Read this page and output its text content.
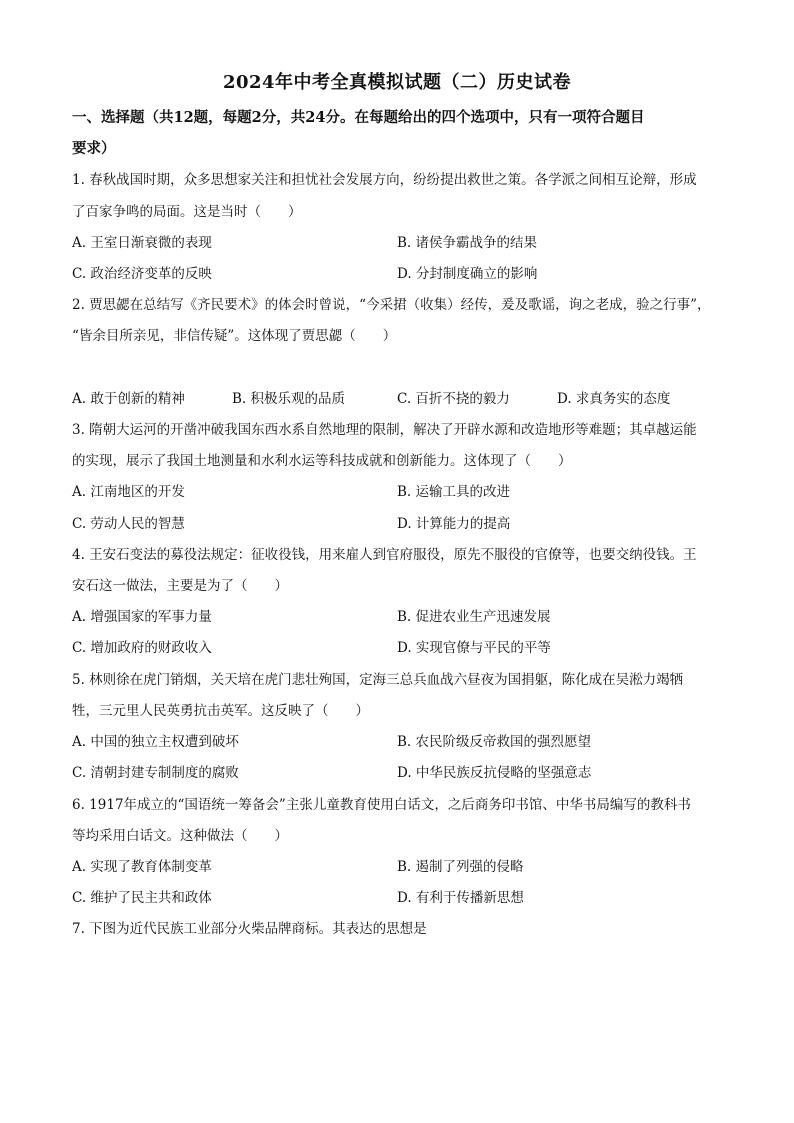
2024年中考全真模拟试题（二）历史试卷
一、选择题（共12题，每题2分，共24分。在每题给出的四个选项中，只有一项符合题目
要求）
1. 春秋战国时期，众多思想家关注和担忧社会发展方向，纷纷提出救世之策。各学派之间相互论辩，形成
了百家争鸣的局面。这是当时（　　）
A. 王室日渐衰微的表现	B. 诸侯争霸战争的结果
C. 政治经济变革的反映	D. 分封制度确立的影响
2. 贾思勰在总结写《齐民要术》的体会时曾说，“今采捃（收集）经传，爰及歌谣，询之老成，验之行事”，
“皆余目所亲见，非信传疑”。这体现了贾思勰（　　）
A. 敢于创新的精神	B. 积极乐观的品质	C. 百折不挠的毅力	D. 求真务实的态度
3. 隋朝大运河的开凿冲破我国东西水系自然地理的限制，解决了开辟水源和改造地形等难题；其卓越运能
的实现，展示了我国土地测量和水利水运等科技成就和创新能力。这体现了（　　）
A. 江南地区的开发	B. 运输工具的改进
C. 劳动人民的智慧	D. 计算能力的提高
4. 王安石变法的募役法规定：征收役钱，用来雇人到官府服役，原先不服役的官僚等，也要交纳役钱。王
安石这一做法，主要是为了（　　）
A. 增强国家的军事力量	B. 促进农业生产迅速发展
C. 增加政府的财政收入	D. 实现官僚与平民的平等
5. 林则徐在虎门销烟，关天培在虎门悲壮殉国，定海三总兵血战六昼夜为国捐躯，陈化成在吴淞力竭牺
牲，三元里人民英勇抗击英军。这反映了（　　）
A. 中国的独立主权遭到破坏	B. 农民阶级反帝救国的强烈愿望
C. 清朝封建专制制度的腐败	D. 中华民族反抗侵略的坚强意志
6. 1917年成立的“国语统一筹备会”主张儿童教育使用白话文，之后商务印书馆、中华书局编写的教科书
等均采用白话文。这种做法（　　）
A. 实现了教育体制变革	B. 遏制了列强的侵略
C. 维护了民主共和政体	D. 有利于传播新思想
7. 下图为近代民族工业部分火柴品牌商标。其表达的思想是
